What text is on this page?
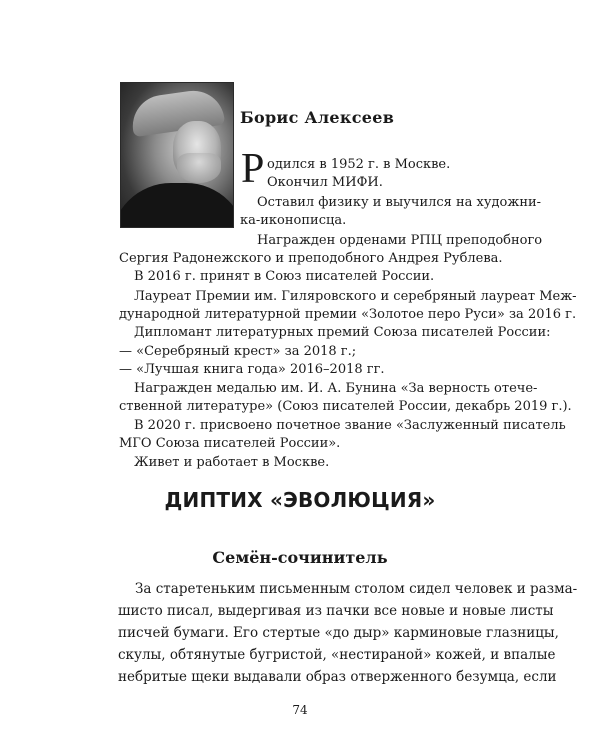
Борис Алексеев
Р одился в 1952 г. в Москве.
Окончил МИФИ.
Оставил физику и выучился на художни-
ка-иконописца.
Награжден орденами РПЦ преподобного
Сергия Радонежского и преподобного Андрея Рублева.
В 2016 г. принят в Союз писателей России.
Лауреат Премии им. Гиляровского и серебряный лауреат Меж-
дународной литературной премии «Золотое перо Руси» за 2016 г.
Дипломант литературных премий Союза писателей России:
— «Серебряный крест» за 2018 г.;
— «Лучшая книга года» 2016–2018 гг.
Награжден медалью им. И. А. Бунина «За верность отече-
ственной литературе» (Союз писателей России, декабрь 2019 г.).
В 2020 г. присвоено почетное звание «Заслуженный писатель
МГО Союза писателей России».
Живет и работает в Москве.
ДИПТИХ «ЭВОЛЮЦИЯ»
Семён-сочинитель
За старетеньким письменным столом сидел человек и разма-
шисто писал, выдергивая из пачки все новые и новые листы
писчей бумаги. Его стертые «до дыр» карминовые глазницы,
скулы, обтянутые бугристой, «нестираной» кожей, и впалые
небритые щеки выдавали образ отверженного безумца, если
74
